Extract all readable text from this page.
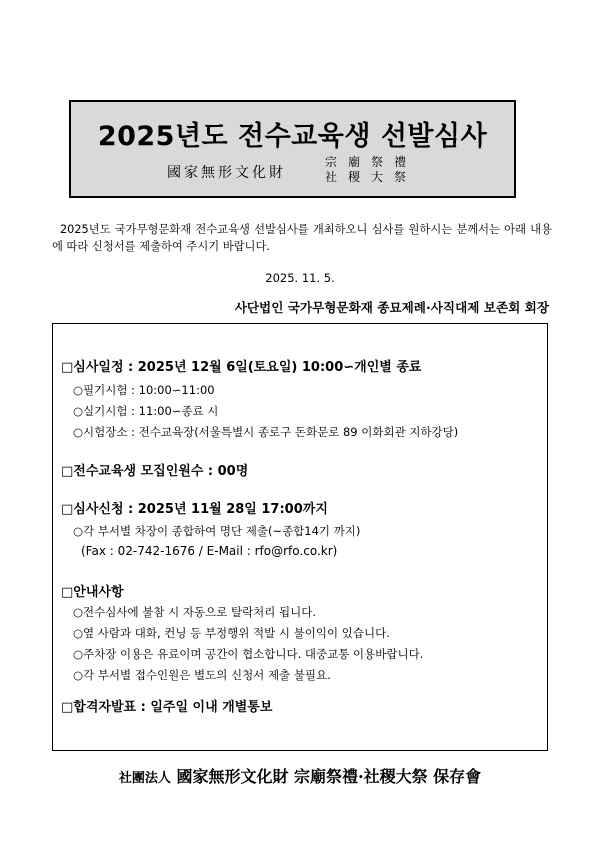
2025년도 전수교육생 선발심사
國家無形文化財
宗廟祭禮
社稷大祭
2025년도 국가무형문화재 전수교육생 선발심사를 개최하오니 심사를 원하시는 분께서는 아래 내용에 따라 신청서를 제출하여 주시기 바랍니다.
2025. 11. 5.
사단법인 국가무형문화재 종묘제례·사직대제 보존회 회장
□심사일정 : 2025년 12월 6일(토요일) 10:00∽개인별 종료
○필기시험 : 10:00∽11:00
○실기시험 : 11:00∽종료 시
○시험장소 : 전수교육장(서울특별시 종로구 돈화문로 89 이화회관 지하강당)
□전수교육생 모집인원수 : 00명
□심사신청 : 2025년 11월 28일 17:00까지
○각 부서별 차장이 종합하여 명단 제출(~종합14기 까지)
(Fax : 02-742-1676 / E-Mail : rfo@rfo.co.kr)
□안내사항
○전수심사에 불참 시 자동으로 탈락처리 됩니다.
○옆 사람과 대화, 컨닝 등 부정행위 적발 시 불이익이 있습니다.
○주차장 이용은 유료이며 공간이 협소합니다. 대중교통 이용바랍니다.
○각 부서별 접수인원은 별도의 신청서 제출 불필요.
□합격자발표 : 일주일 이내 개별통보
社團法人 國家無形文化財 宗廟祭禮·社稷大祭 保存會
